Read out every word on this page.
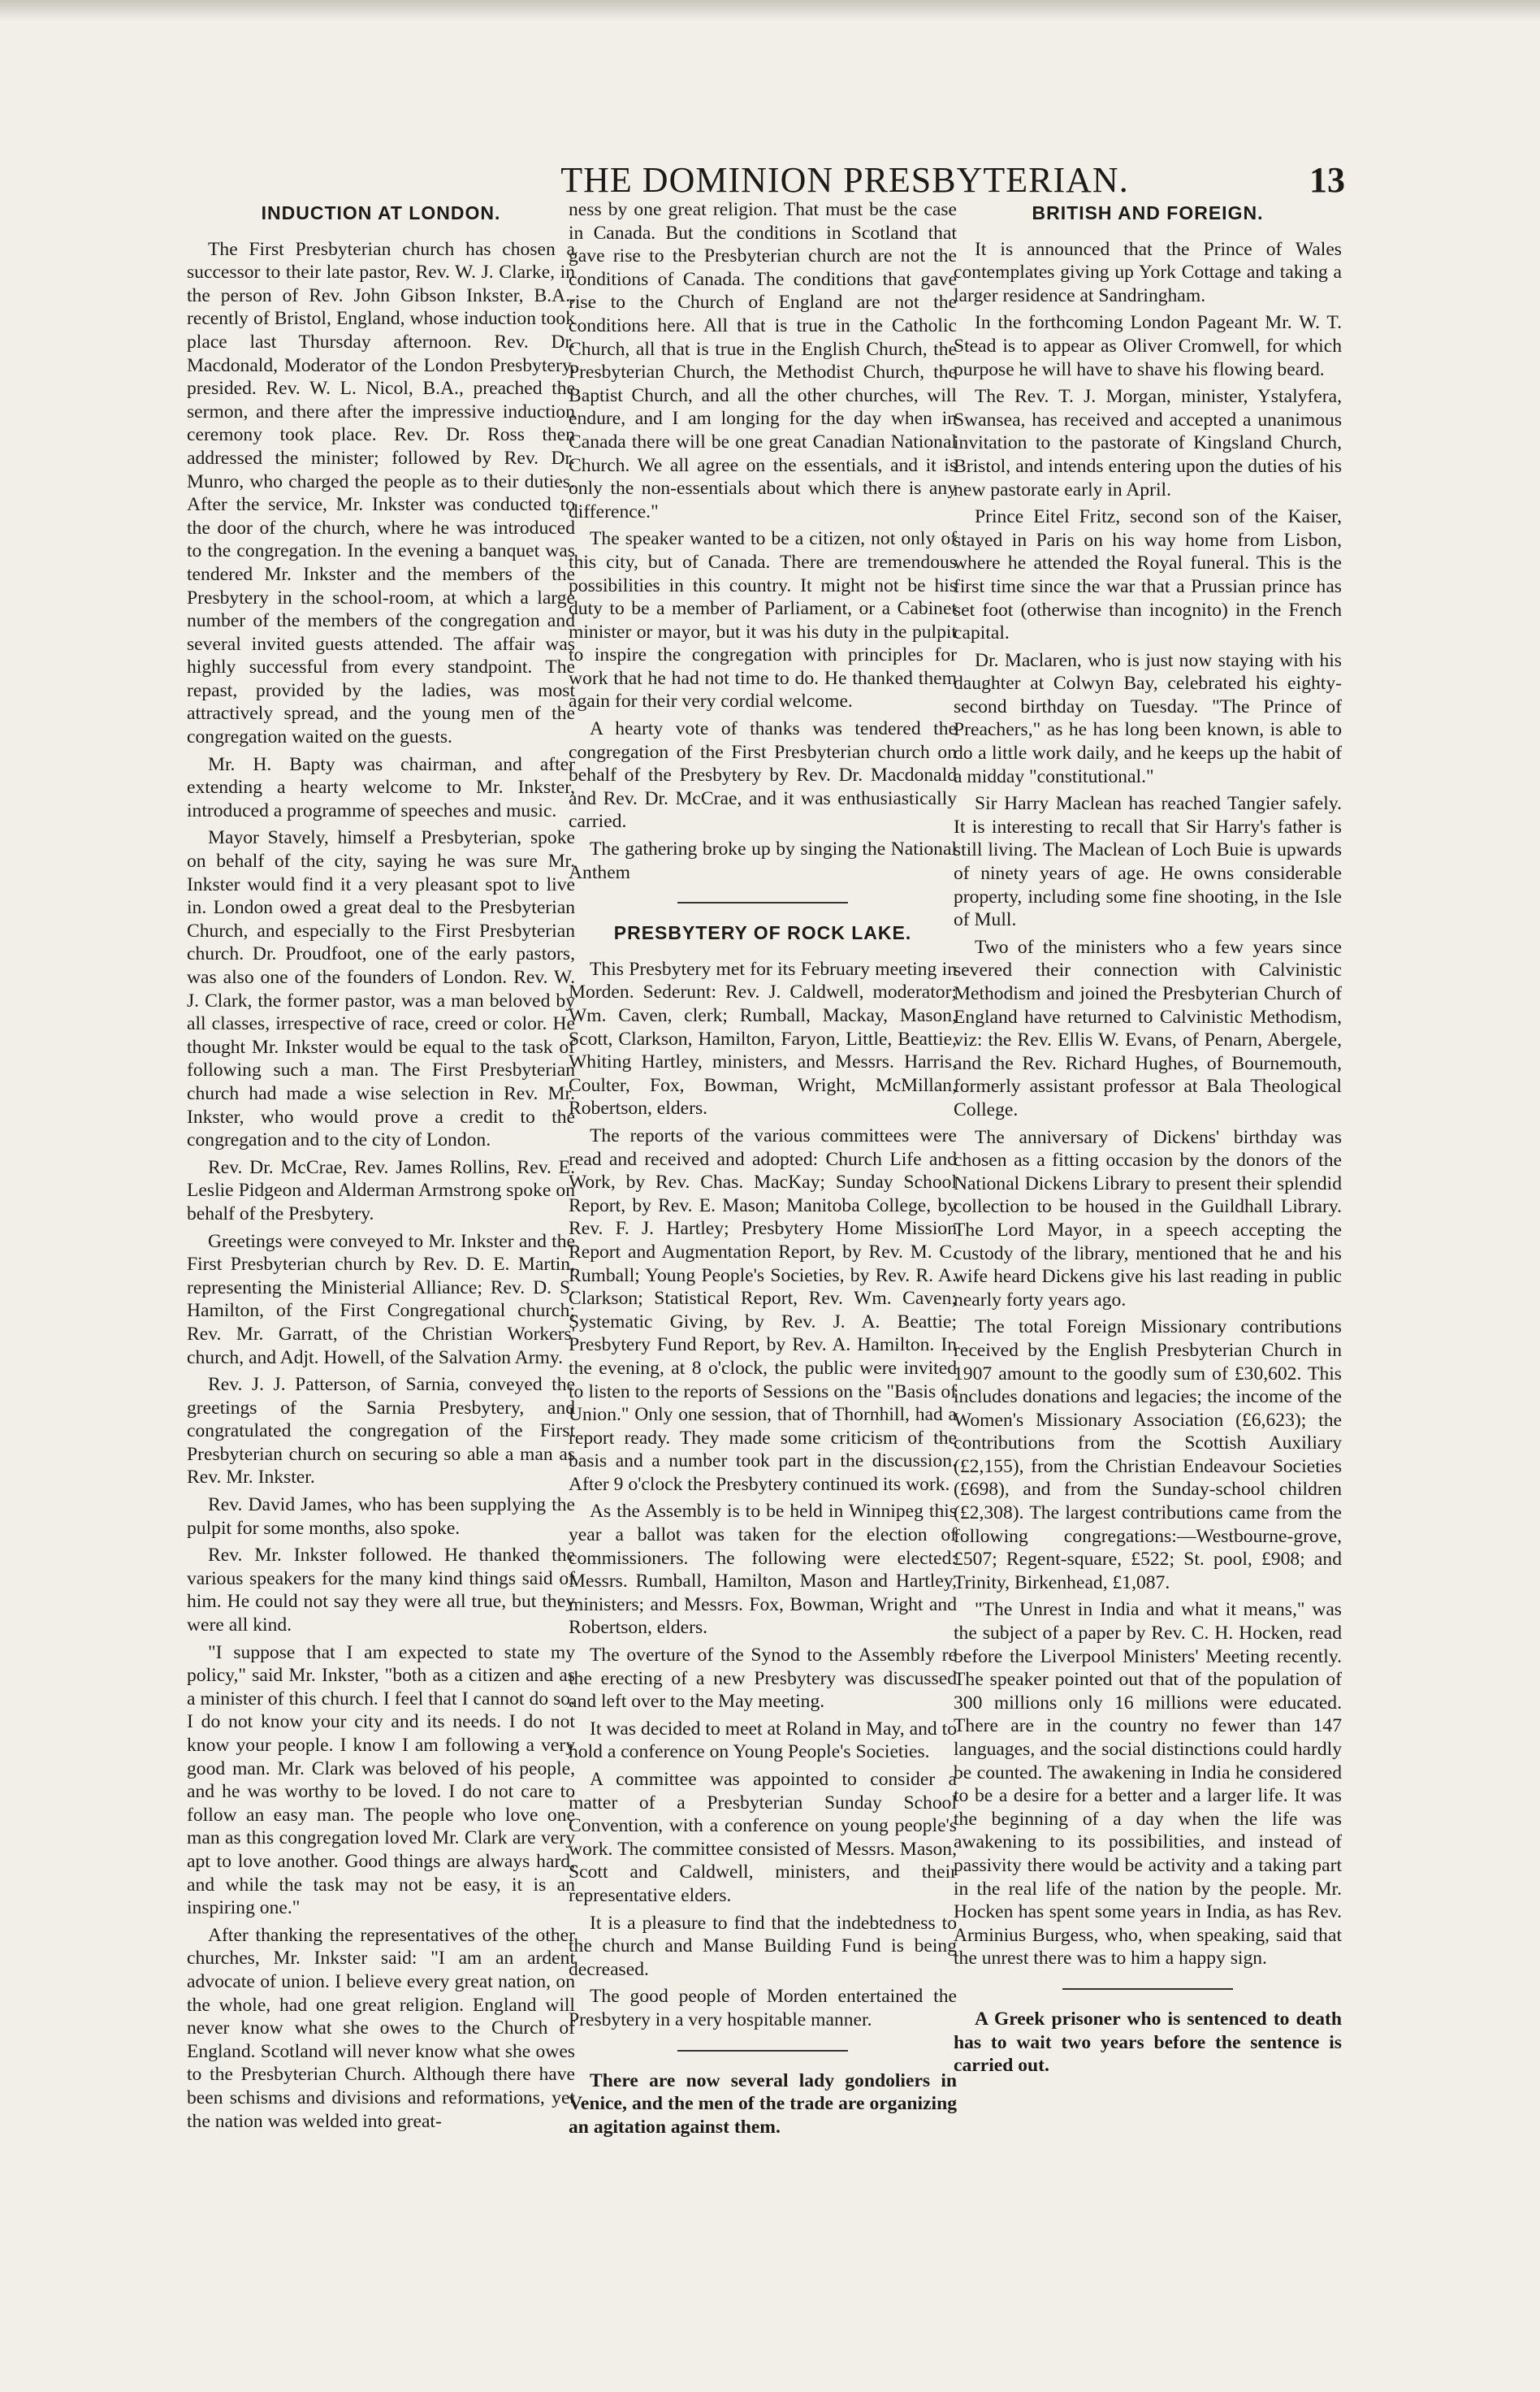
THE DOMINION PRESBYTERIAN.	13
INDUCTION AT LONDON.

The First Presbyterian church has chosen a successor to their late pastor, Rev. W. J. Clarke, in the person of Rev. John Gibson Inkster, B.A., recently of Bristol, England, whose induction took place last Thursday afternoon. Rev. Dr. Macdonald, Moderator of the London Presbytery, presided. Rev. W. L. Nicol, B.A., preached the sermon, and there after the impressive induction ceremony took place. Rev. Dr. Ross then addressed the minister; followed by Rev. Dr. Munro, who charged the people as to their duties. After the service, Mr. Inkster was conducted to the door of the church, where he was introduced to the congregation. In the evening a banquet was tendered Mr. Inkster and the members of the Presbytery in the school-room, at which a large number of the members of the congregation and several invited guests attended. The affair was highly successful from every standpoint. The repast, provided by the ladies, was most attractively spread, and the young men of the congregation waited on the guests.

Mr. H. Bapty was chairman, and after extending a hearty welcome to Mr. Inkster, introduced a programme of speeches and music.

Mayor Stavely, himself a Presbyterian, spoke on behalf of the city, saying he was sure Mr. Inkster would find it a very pleasant spot to live in. London owed a great deal to the Presbyterian Church, and especially to the First Presbyterian church. Dr. Proudfoot, one of the early pastors, was also one of the founders of London. Rev. W. J. Clark, the former pastor, was a man beloved by all classes, irrespective of race, creed or color. He thought Mr. Inkster would be equal to the task of following such a man. The First Presbyterian church had made a wise selection in Rev. Mr. Inkster, who would prove a credit to the congregation and to the city of London.

Rev. Dr. McCrae, Rev. James Rollins, Rev. E. Leslie Pidgeon and Alderman Armstrong spoke on behalf of the Presbytery.

Greetings were conveyed to Mr. Inkster and the First Presbyterian church by Rev. D. E. Martin, representing the Ministerial Alliance; Rev. D. S. Hamilton, of the First Congregational church; Rev. Mr. Garratt, of the Christian Workers' church, and Adjt. Howell, of the Salvation Army.

Rev. J. J. Patterson, of Sarnia, conveyed the greetings of the Sarnia Presbytery, and congratulated the congregation of the First Presbyterian church on securing so able a man as Rev. Mr. Inkster.

Rev. David James, who has been supplying the pulpit for some months, also spoke.

Rev. Mr. Inkster followed. He thanked the various speakers for the many kind things said of him. He could not say they were all true, but they were all kind.

"I suppose that I am expected to state my policy," said Mr. Inkster, "both as a citizen and as a minister of this church. I feel that I cannot do so. I do not know your city and its needs. I do not know your people. I know I am following a very good man. Mr. Clark was beloved of his people, and he was worthy to be loved. I do not care to follow an easy man. The people who love one man as this congregation loved Mr. Clark are very apt to love another. Good things are always hard, and while the task may not be easy, it is an inspiring one."

After thanking the representatives of the other churches, Mr. Inkster said: "I am an ardent advocate of union. I believe every great nation, on the whole, had one great religion. England will never know what she owes to the Church of England. Scotland will never know what she owes to the Presbyterian Church. Although there have been schisms and divisions and reformations, yet the nation was welded into great-

ness by one great religion. That must be the case in Canada. But the conditions in Scotland that gave rise to the Presbyterian church are not the conditions of Canada. The conditions that gave rise to the Church of England are not the conditions here. All that is true in the Catholic Church, all that is true in the English Church, the Presbyterian Church, the Methodist Church, the Baptist Church, and all the other churches, will endure, and I am longing for the day when in Canada there will be one great Canadian National Church. We all agree on the essentials, and it is only the non-essentials about which there is any difference."

The speaker wanted to be a citizen, not only of this city, but of Canada. There are tremendous possibilities in this country. It might not be his duty to be a member of Parliament, or a Cabinet minister or mayor, but it was his duty in the pulpit to inspire the congregation with principles for work that he had not time to do. He thanked them again for their very cordial welcome.

A hearty vote of thanks was tendered the congregation of the First Presbyterian church on behalf of the Presbytery by Rev. Dr. Macdonald and Rev. Dr. McCrae, and it was enthusiastically carried.

The gathering broke up by singing the National Anthem

PRESBYTERY OF ROCK LAKE.

This Presbytery met for its February meeting in Morden. Sederunt: Rev. J. Caldwell, moderator; Wm. Caven, clerk; Rumball, Mackay, Mason, Scott, Clarkson, Hamilton, Faryon, Little, Beattie, Whiting Hartley, ministers, and Messrs. Harris, Coulter, Fox, Bowman, Wright, McMillan, Robertson, elders.

The reports of the various committees were read and received and adopted: Church Life and Work, by Rev. Chas. MacKay; Sunday School Report, by Rev. E. Mason; Manitoba College, by Rev. F. J. Hartley; Presbytery Home Mission Report and Augmentation Report, by Rev. M. C. Rumball; Young People's Societies, by Rev. R. A. Clarkson; Statistical Report, Rev. Wm. Caven; Systematic Giving, by Rev. J. A. Beattie; Presbytery Fund Report, by Rev. A. Hamilton. In the evening, at 8 o'clock, the public were invited to listen to the reports of Sessions on the "Basis of Union." Only one session, that of Thornhill, had a report ready. They made some criticism of the basis and a number took part in the discussion. After 9 o'clock the Presbytery continued its work.

As the Assembly is to be held in Winnipeg this year a ballot was taken for the election of commissioners. The following were elected: Messrs. Rumball, Hamilton, Mason and Hartley, ministers; and Messrs. Fox, Bowman, Wright and Robertson, elders.

The overture of the Synod to the Assembly re the erecting of a new Presbytery was discussed and left over to the May meeting.

It was decided to meet at Roland in May, and to hold a conference on Young People's Societies.

A committee was appointed to consider a matter of a Presbyterian Sunday School Convention, with a conference on young people's work. The committee consisted of Messrs. Mason, Scott and Caldwell, ministers, and their representative elders.

It is a pleasure to find that the indebtedness to the church and Manse Building Fund is being decreased.

The good people of Morden entertained the Presbytery in a very hospitable manner.

There are now several lady gondoliers in Venice, and the men of the trade are organizing an agitation against them.

BRITISH AND FOREIGN.

It is announced that the Prince of Wales contemplates giving up York Cottage and taking a larger residence at Sandringham.

In the forthcoming London Pageant Mr. W. T. Stead is to appear as Oliver Cromwell, for which purpose he will have to shave his flowing beard.

The Rev. T. J. Morgan, minister, Ystalyfera, Swansea, has received and accepted a unanimous invitation to the pastorate of Kingsland Church, Bristol, and intends entering upon the duties of his new pastorate early in April.

Prince Eitel Fritz, second son of the Kaiser, stayed in Paris on his way home from Lisbon, where he attended the Royal funeral. This is the first time since the war that a Prussian prince has set foot (otherwise than incognito) in the French capital.

Dr. Maclaren, who is just now staying with his daughter at Colwyn Bay, celebrated his eighty-second birthday on Tuesday. "The Prince of Preachers," as he has long been known, is able to do a little work daily, and he keeps up the habit of a midday "constitutional."

Sir Harry Maclean has reached Tangier safely. It is interesting to recall that Sir Harry's father is still living. The Maclean of Loch Buie is upwards of ninety years of age. He owns considerable property, including some fine shooting, in the Isle of Mull.

Two of the ministers who a few years since severed their connection with Calvinistic Methodism and joined the Presbyterian Church of England have returned to Calvinistic Methodism, viz: the Rev. Ellis W. Evans, of Penarn, Abergele, and the Rev. Richard Hughes, of Bournemouth, formerly assistant professor at Bala Theological College.

The anniversary of Dickens' birthday was chosen as a fitting occasion by the donors of the National Dickens Library to present their splendid collection to be housed in the Guildhall Library. The Lord Mayor, in a speech accepting the custody of the library, mentioned that he and his wife heard Dickens give his last reading in public nearly forty years ago.

The total Foreign Missionary contributions received by the English Presbyterian Church in 1907 amount to the goodly sum of £30,602. This includes donations and legacies; the income of the Women's Missionary Association (£6,623); the contributions from the Scottish Auxiliary (£2,155), from the Christian Endeavour Societies (£698), and from the Sunday-school children (£2,308). The largest contributions came from the following congregations:—Westbourne-grove, £507; Regent-square, £522; St. pool, £908; and Trinity, Birkenhead, £1,087.

"The Unrest in India and what it means," was the subject of a paper by Rev. C. H. Hocken, read before the Liverpool Ministers' Meeting recently. The speaker pointed out that of the population of 300 millions only 16 millions were educated. There are in the country no fewer than 147 languages, and the social distinctions could hardly be counted. The awakening in India he considered to be a desire for a better and a larger life. It was the beginning of a day when the life was awakening to its possibilities, and instead of passivity there would be activity and a taking part in the real life of the nation by the people. Mr. Hocken has spent some years in India, as has Rev. Arminius Burgess, who, when speaking, said that the unrest there was to him a happy sign.

A Greek prisoner who is sentenced to death has to wait two years before the sentence is carried out.
